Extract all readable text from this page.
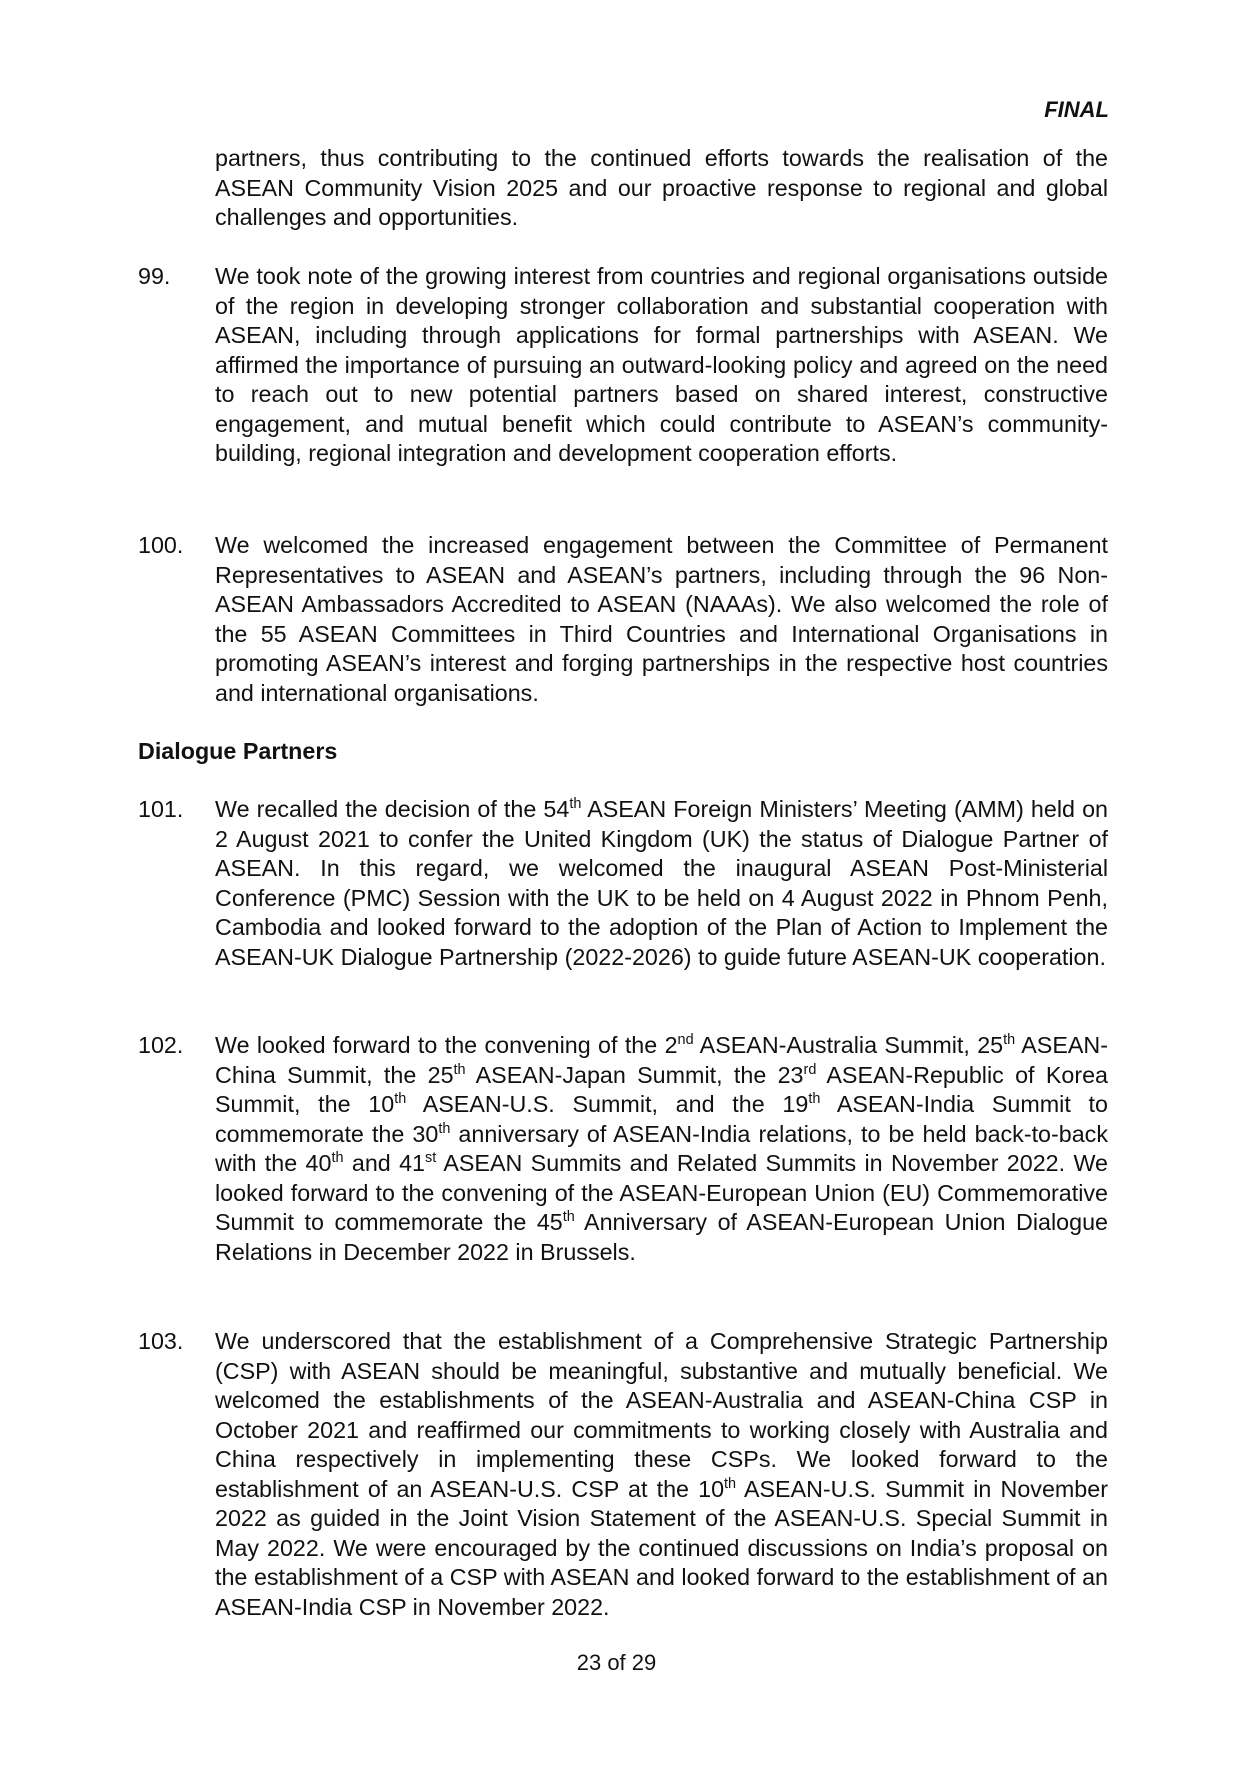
FINAL
partners, thus contributing to the continued efforts towards the realisation of the ASEAN Community Vision 2025 and our proactive response to regional and global challenges and opportunities.
99. We took note of the growing interest from countries and regional organisations outside of the region in developing stronger collaboration and substantial cooperation with ASEAN, including through applications for formal partnerships with ASEAN. We affirmed the importance of pursuing an outward-looking policy and agreed on the need to reach out to new potential partners based on shared interest, constructive engagement, and mutual benefit which could contribute to ASEAN’s community-building, regional integration and development cooperation efforts.
100. We welcomed the increased engagement between the Committee of Permanent Representatives to ASEAN and ASEAN’s partners, including through the 96 Non-ASEAN Ambassadors Accredited to ASEAN (NAAAs). We also welcomed the role of the 55 ASEAN Committees in Third Countries and International Organisations in promoting ASEAN’s interest and forging partnerships in the respective host countries and international organisations.
Dialogue Partners
101. We recalled the decision of the 54th ASEAN Foreign Ministers’ Meeting (AMM) held on 2 August 2021 to confer the United Kingdom (UK) the status of Dialogue Partner of ASEAN. In this regard, we welcomed the inaugural ASEAN Post-Ministerial Conference (PMC) Session with the UK to be held on 4 August 2022 in Phnom Penh, Cambodia and looked forward to the adoption of the Plan of Action to Implement the ASEAN-UK Dialogue Partnership (2022-2026) to guide future ASEAN-UK cooperation.
102. We looked forward to the convening of the 2nd ASEAN-Australia Summit, 25th ASEAN-China Summit, the 25th ASEAN-Japan Summit, the 23rd ASEAN-Republic of Korea Summit, the 10th ASEAN-U.S. Summit, and the 19th ASEAN-India Summit to commemorate the 30th anniversary of ASEAN-India relations, to be held back-to-back with the 40th and 41st ASEAN Summits and Related Summits in November 2022. We looked forward to the convening of the ASEAN-European Union (EU) Commemorative Summit to commemorate the 45th Anniversary of ASEAN-European Union Dialogue Relations in December 2022 in Brussels.
103. We underscored that the establishment of a Comprehensive Strategic Partnership (CSP) with ASEAN should be meaningful, substantive and mutually beneficial. We welcomed the establishments of the ASEAN-Australia and ASEAN-China CSP in October 2021 and reaffirmed our commitments to working closely with Australia and China respectively in implementing these CSPs. We looked forward to the establishment of an ASEAN-U.S. CSP at the 10th ASEAN-U.S. Summit in November 2022 as guided in the Joint Vision Statement of the ASEAN-U.S. Special Summit in May 2022. We were encouraged by the continued discussions on India’s proposal on the establishment of a CSP with ASEAN and looked forward to the establishment of an ASEAN-India CSP in November 2022.
23 of 29
